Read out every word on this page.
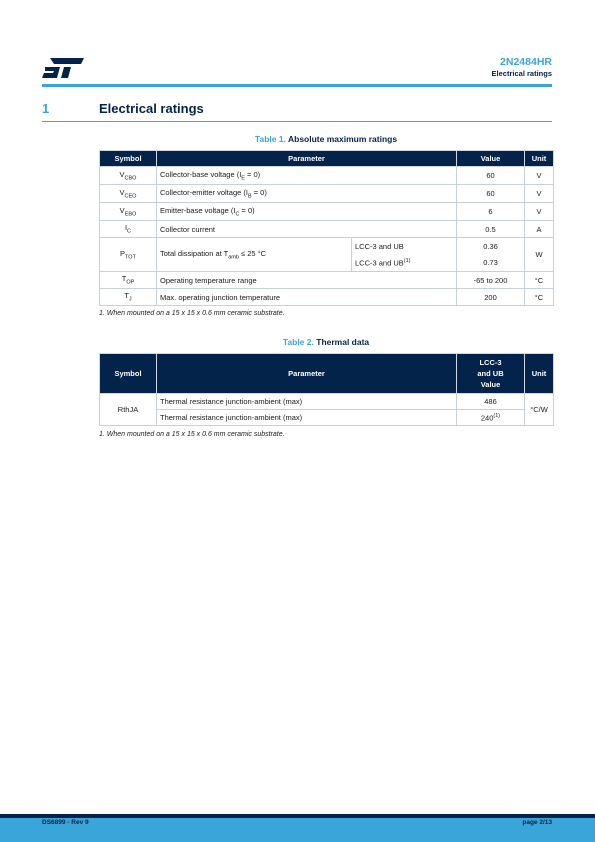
2N2484HR
Electrical ratings
1	Electrical ratings
Table 1. Absolute maximum ratings
Symbol	Parameter		Value	Unit
$V_{CBO}$	Collector-base voltage $(I_E = 0)$		60	V
$V_{CEO}$	Collector-emitter voltage $(I_B = 0)$		60	V
$V_{EBO}$	Emitter-base voltage $(I_C = 0)$		6	V
$I_C$	Collector current		0.5	A
$P_{TOT}$	Total dissipation at $T_{amb} \le 25$ °C	LCC-3 and UB	0.36	W
		LCC-3 and UB$^{(1)}$	0.73	
$T_{OP}$	Operating temperature range		-65 to 200	°C
$T_J$	Max. operating junction temperature		200	°C
1. When mounted on a 15 x 15 x 0.6 mm ceramic substrate.
Table 2. Thermal data
Symbol	Parameter	LCC-3
and UB
Value	Unit
RthJA	Thermal resistance junction-ambient (max)	486	°C/W
	Thermal resistance junction-ambient (max)	240$^{(1)}$
1. When mounted on a 15 x 15 x 0.6 mm ceramic substrate.
DS6899 - Rev 9	page 2/13
